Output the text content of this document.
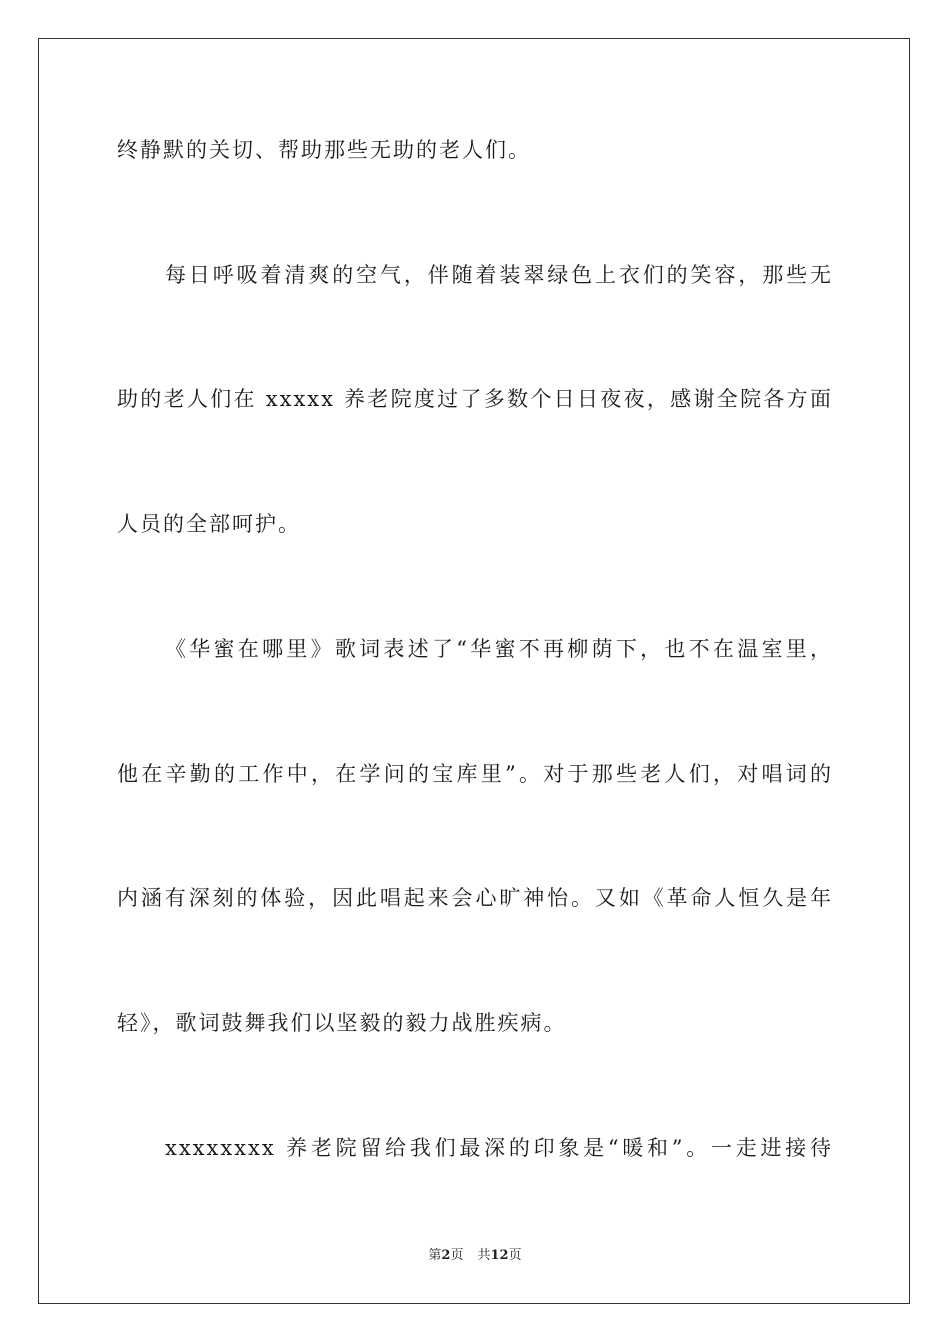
终静默的关切、帮助那些无助的老人们。
每日呼吸着清爽的空气，伴随着装翠绿色上衣们的笑容，那些无
助的老人们在 xxxxx 养老院度过了多数个日日夜夜，感谢全院各方面
人员的全部呵护。
《华蜜在哪里》歌词表述了“华蜜不再柳荫下，也不在温室里，
他在辛勤的工作中，在学问的宝库里”。对于那些老人们，对唱词的
内涵有深刻的体验，因此唱起来会心旷神怡。又如《革命人恒久是年
轻》，歌词鼓舞我们以坚毅的毅力战胜疾病。
xxxxxxxx 养老院留给我们最深的印象是“暖和”。一走进接待
第2页 共12页
